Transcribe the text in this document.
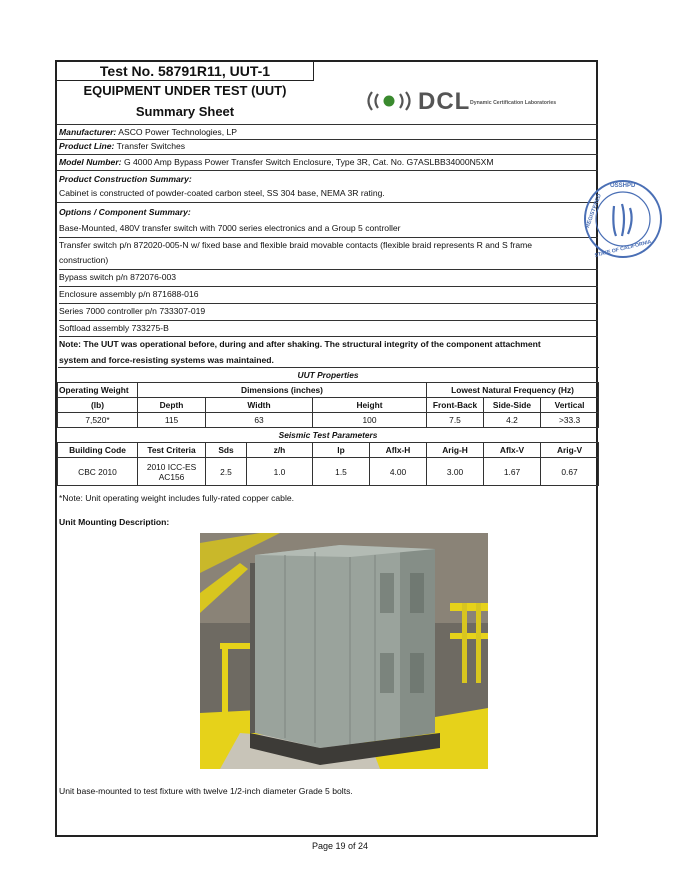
Test No. 58791R11, UUT-1
EQUIPMENT UNDER TEST (UUT)
Summary Sheet	DCL Dynamic Certification Laboratories
Manufacturer: ASCO Power Technologies, LP
Product Line: Transfer Switches
Model Number: G 4000 Amp Bypass Power Transfer Switch Enclosure, Type 3R, Cat. No. G7ASLBB34000N5XM
Product Construction Summary:
Cabinet is constructed of powder-coated carbon steel, SS 304 base, NEMA 3R rating.
Options / Component Summary:
Base-Mounted, 480V transfer switch with 7000 series electronics and a Group 5 controller
Transfer switch p/n 872020-005-N w/ fixed base and flexible braid movable contacts (flexible braid represents R and S frame
construction)
Bypass switch p/n 872076-003
Enclosure assembly p/n 871688-016
Series 7000 controller p/n 733307-019
Softload assembly 733275-B
Note: The UUT was operational before, during and after shaking. The structural integrity of the component attachment
system and force-resisting systems was maintained.
UUT Properties								
Operating Weight	Dimensions (inches)					Lowest Natural Frequency (Hz)		
(lb)	Depth	Width		Height		Front-Back	Side-Side	Vertical
7,520*	115	63		100		7.5	4.2	>33.3
Seismic Test Parameters								
Building Code	Test Criteria	Sds	z/h	Ip	Aflx-H	Arig-H	Aflx-V	Arig-V
CBC 2010	2010 ICC-ES
AC156	2.5	1.0	1.5	4.00	3.00	1.67	0.67
*Note: Unit operating weight includes fully-rated copper cable.
Unit Mounting Description:
Unit base-mounted to test fixture with twelve 1/2-inch diameter Grade 5 bolts.
OSSHPD
REGISTERED
STATE OF CALIFORNIA
Page 19 of 24
